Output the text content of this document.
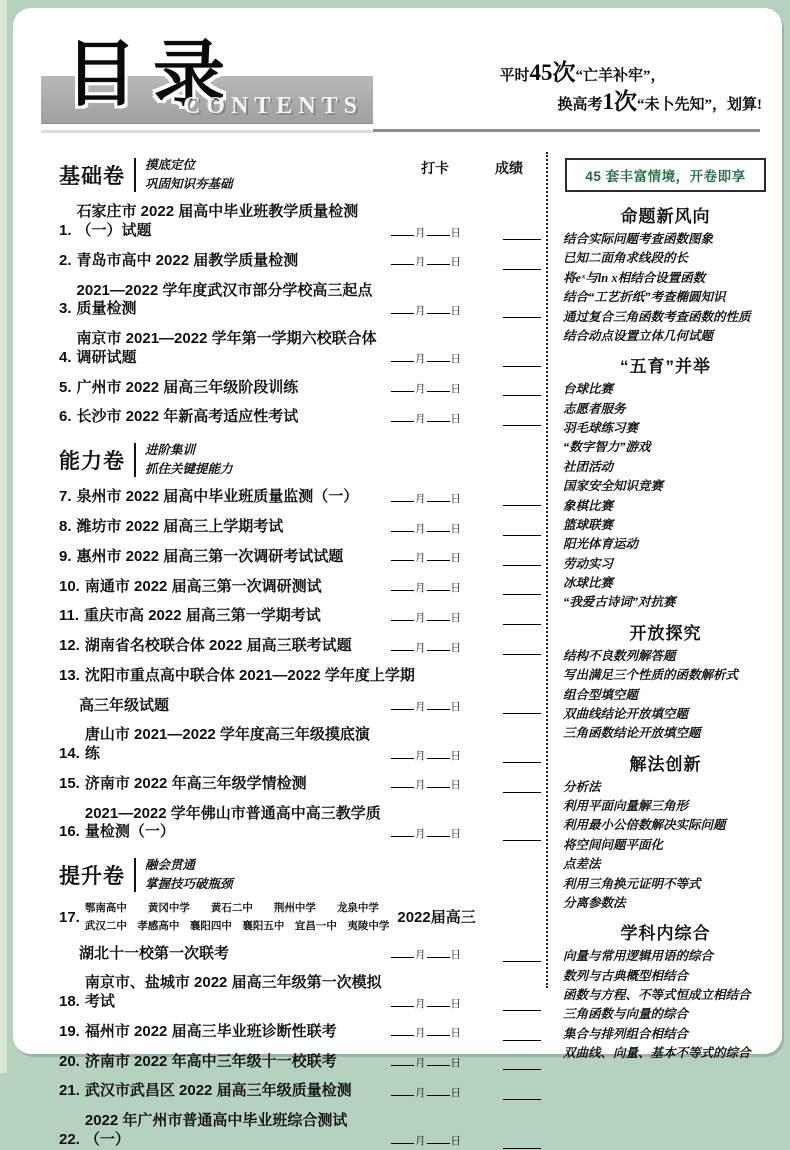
目录
CONTENTS
平时45次“亡羊补牢”，
换高考1次“未卜先知”，划算!
基础卷
摸底定位
巩固知识夯基础
打卡	成绩
1.
石家庄市 2022 届高中毕业班教学质量检测（一）试题	月 日
2. 青岛市高中 2022 届教学质量检测	月 日
3.
2021—2022 学年度武汉市部分学校高三起点质量检测	月 日
4.
南京市 2021—2022 学年第一学期六校联合体调研试题	月 日
5. 广州市 2022 届高三年级阶段训练	月 日
6. 长沙市 2022 年新高考适应性考试	月 日
能力卷
进阶集训
抓住关键提能力
7. 泉州市 2022 届高中毕业班质量监测（一）	月 日
8. 潍坊市 2022 届高三上学期考试	月 日
9. 惠州市 2022 届高三第一次调研考试试题	月 日
10. 南通市 2022 届高三第一次调研测试	月 日
11. 重庆市高 2022 届高三第一学期考试	月 日
12. 湖南省名校联合体 2022 届高三联考试题	月 日
13. 沈阳市重点高中联合体 2021—2022 学年度上学期
高三年级试题	月 日
14.
唐山市 2021—2022 学年度高三年级摸底演练	月 日
15. 济南市 2022 年高三年级学情检测	月 日
16.
2021—2022 学年佛山市普通高中高三教学质量检测（一）	月 日
提升卷
融会贯通
掌握技巧破瓶颈
17.
鄂南高中　　黄冈中学　　黄石二中　　荆州中学　　龙泉中学
武汉二中　孝感高中　襄阳四中　襄阳五中　宜昌一中　夷陵中学
2022届高三
湖北十一校第一次联考	月 日
18.
南京市、盐城市 2022 届高三年级第一次模拟考试	月 日
19. 福州市 2022 届高三毕业班诊断性联考	月 日
20. 济南市 2022 年高中三年级十一校联考	月 日
21. 武汉市武昌区 2022 届高三年级质量检测	月 日
22.
2022 年广州市普通高中毕业班综合测试（一）	月 日
45 套丰富情境，开卷即享
命题新风向
结合实际问题考查函数图象
已知二面角求线段的长
将eˣ与ln x相结合设置函数
结合“工艺折纸”考查椭圆知识
通过复合三角函数考查函数的性质
结合动点设置立体几何试题
“五育”并举
台球比赛
志愿者服务
羽毛球练习赛
“数字智力”游戏
社团活动
国家安全知识竞赛
象棋比赛
篮球联赛
阳光体育运动
劳动实习
冰球比赛
“我爱古诗词”对抗赛
开放探究
结构不良数列解答题
写出满足三个性质的函数解析式
组合型填空题
双曲线结论开放填空题
三角函数结论开放填空题
解法创新
分析法
利用平面向量解三角形
利用最小公倍数解决实际问题
将空间问题平面化
点差法
利用三角换元证明不等式
分离参数法
学科内综合
向量与常用逻辑用语的综合
数列与古典概型相结合
函数与方程、不等式恒成立相结合
三角函数与向量的综合
集合与排列组合相结合
双曲线、向量、基本不等式的综合
